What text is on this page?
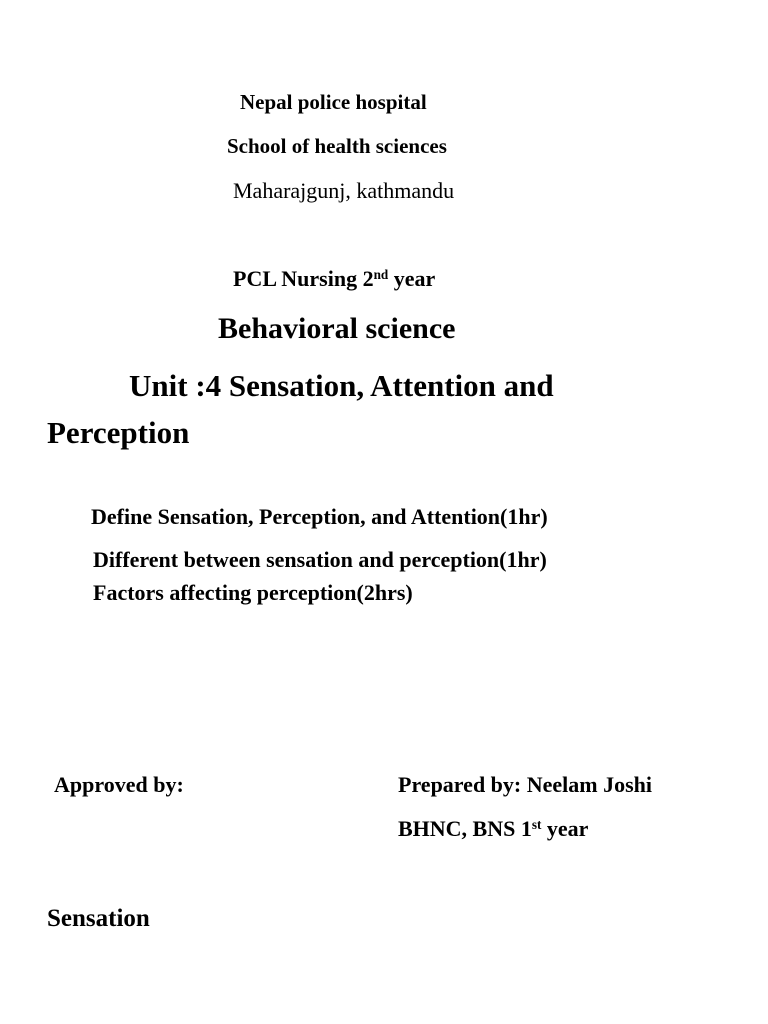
Nepal police hospital
School of health sciences
Maharajgunj, kathmandu
PCL Nursing 2nd year
Behavioral science
Unit :4 Sensation, Attention and
Perception
Define Sensation, Perception, and Attention(1hr)
Different between sensation and perception(1hr)
Factors affecting perception(2hrs)
Approved by:	Prepared by: Neelam Joshi
BHNC, BNS 1st year
Sensation
